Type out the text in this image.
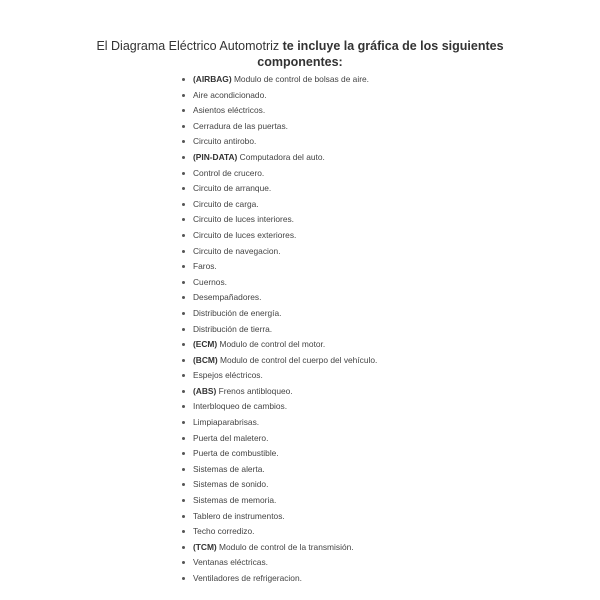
El Diagrama Eléctrico Automotriz te incluye la gráfica de los siguientes
componentes:
(AIRBAG) Modulo de control de bolsas de aire.
Aire acondicionado.
Asientos eléctricos.
Cerradura de las puertas.
Circuito antirobo.
(PIN-DATA) Computadora del auto.
Control de crucero.
Circuito de arranque.
Circuito de carga.
Circuito de luces interiores.
Circuito de luces exteriores.
Circuito de navegacion.
Faros.
Cuernos.
Desempañadores.
Distribución de energía.
Distribución de tierra.
(ECM) Modulo de control del motor.
(BCM) Modulo de control del cuerpo del vehículo.
Espejos eléctricos.
(ABS) Frenos antibloqueo.
Interbloqueo de cambios.
Limpiaparabrisas.
Puerta del maletero.
Puerta de combustible.
Sistemas de alerta.
Sistemas de sonido.
Sistemas de memoria.
Tablero de instrumentos.
Techo corredizo.
(TCM) Modulo de control de la transmisión.
Ventanas eléctricas.
Ventiladores de refrigeracion.
